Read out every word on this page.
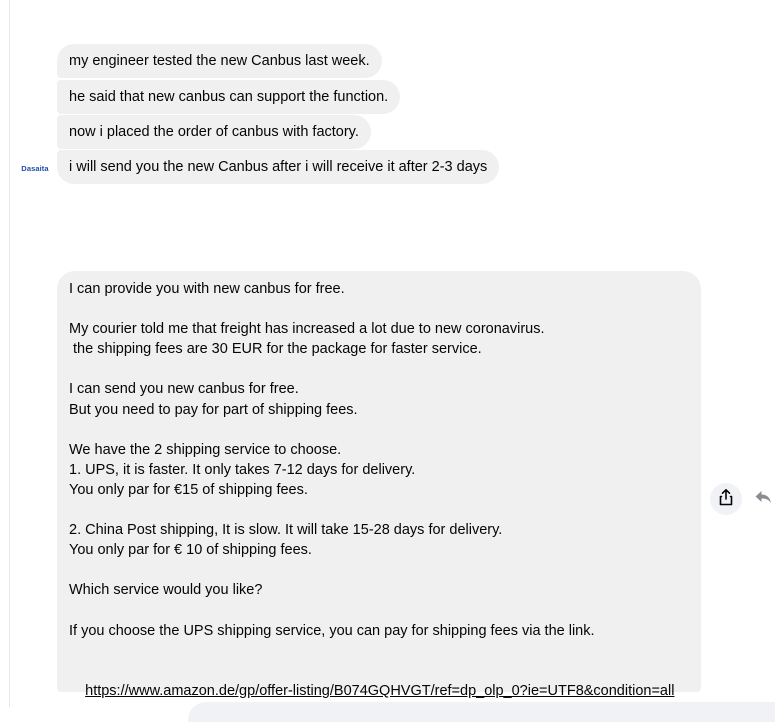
my engineer tested the new Canbus last week.
he said that new canbus can support the function.
now i placed the order of canbus with factory.
i will send you the new Canbus after i will receive it after 2-3 days
Dasaita
I can provide you with new canbus for free.
My courier told me that freight has increased a lot due to new coronavirus.
the shipping fees are 30 EUR for the package for faster service.
I can send you new canbus for free.
But you need to pay for part of shipping fees.
We have the 2 shipping service to choose.
1. UPS, it is faster. It only takes 7-12 days for delivery.
You only par for €15 of shipping fees.
2. China Post shipping, It is slow. It will take 15-28 days for delivery.
You only par for € 10 of shipping fees.
Which service would you like?
If you choose the UPS shipping service, you can pay for shipping fees via the link.

https://www.amazon.de/gp/offer-listing/B074GQHVGT/ref=dp_olp_0?ie=UTF8&condition=all
